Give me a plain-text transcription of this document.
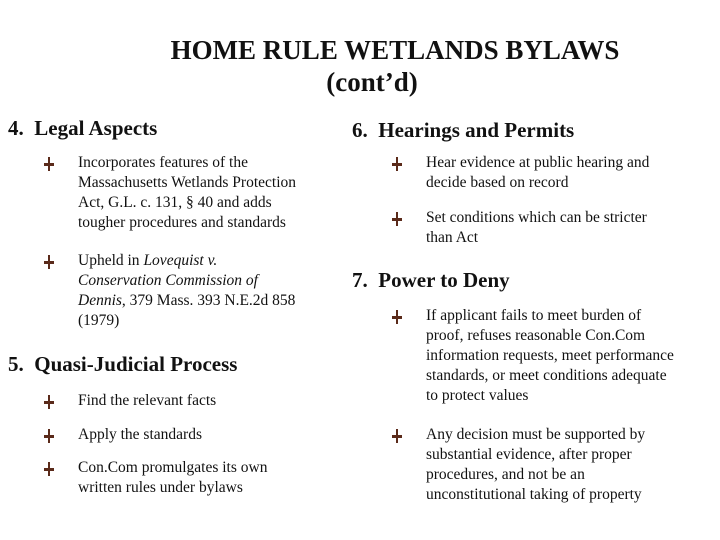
HOME RULE WETLANDS BYLAWS
(cont’d)
4. Legal Aspects
Incorporates features of the
Massachusetts Wetlands Protection
Act, G.L. c. 131, § 40 and adds
tougher procedures and standards
Upheld in Lovequist v.
Conservation Commission of
Dennis, 379 Mass. 393 N.E.2d 858
(1979)
5. Quasi-Judicial Process
Find the relevant facts
Apply the standards
Con.Com promulgates its own
written rules under bylaws
6. Hearings and Permits
Hear evidence at public hearing and
decide based on record
Set conditions which can be stricter
than Act
7. Power to Deny
If applicant fails to meet burden of
proof, refuses reasonable Con.Com
information requests, meet performance
standards, or meet conditions adequate
to protect values
Any decision must be supported by
substantial evidence, after proper
procedures, and not be an
unconstitutional taking of property
